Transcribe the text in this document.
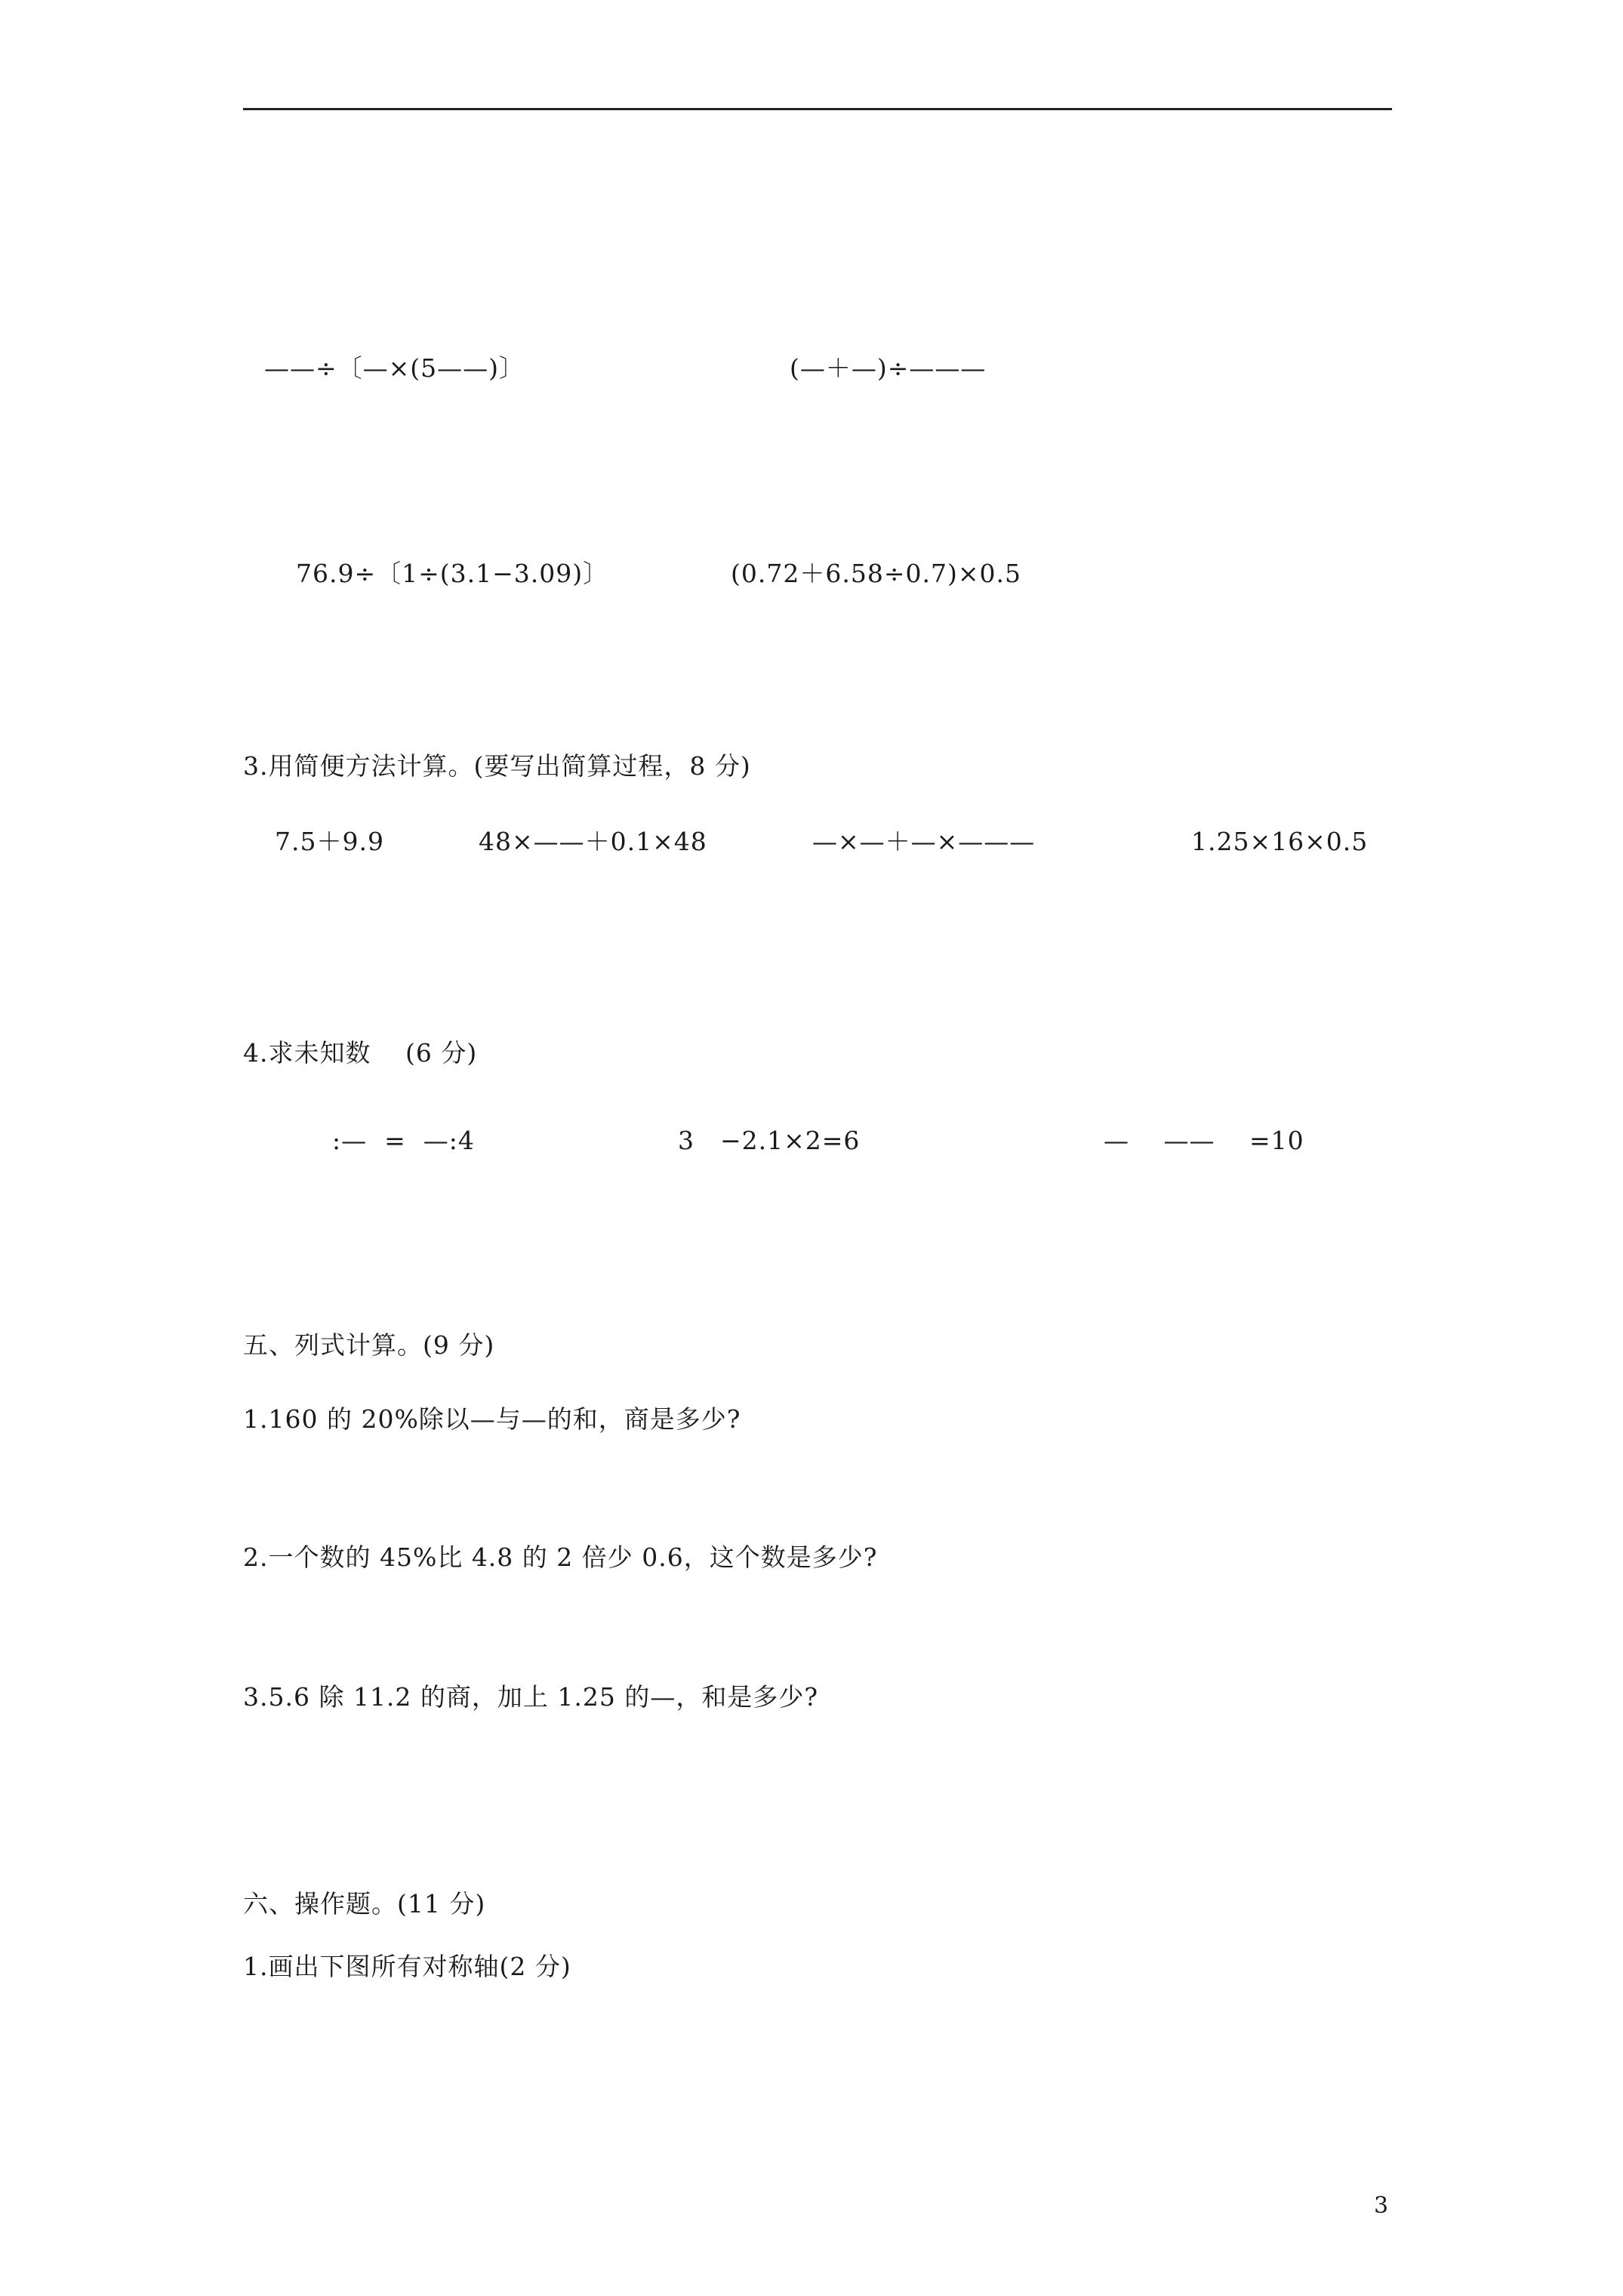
——÷〔—×(5——)〕	(—＋—)÷———
76.9÷〔1÷(3.1−3.09)〕	(0.72＋6.58÷0.7)×0.5
3.用简便方法计算。(要写出简算过程，8 分)
7.5＋9.9	48×——＋0.1×48	—×—＋—×———	1.25×16×0.5
4.求未知数　 (6 分)
:—  =  —:4	3　−2.1×2=6	—　 ——　 =10
五、列式计算。(9 分)
1.160 的 20%除以—与—的和，商是多少?
2.一个数的 45%比 4.8 的 2 倍少 0.6，这个数是多少?
3.5.6 除 11.2 的商，加上 1.25 的—，和是多少?
六、操作题。(11 分)
1.画出下图所有对称轴(2 分)
3
